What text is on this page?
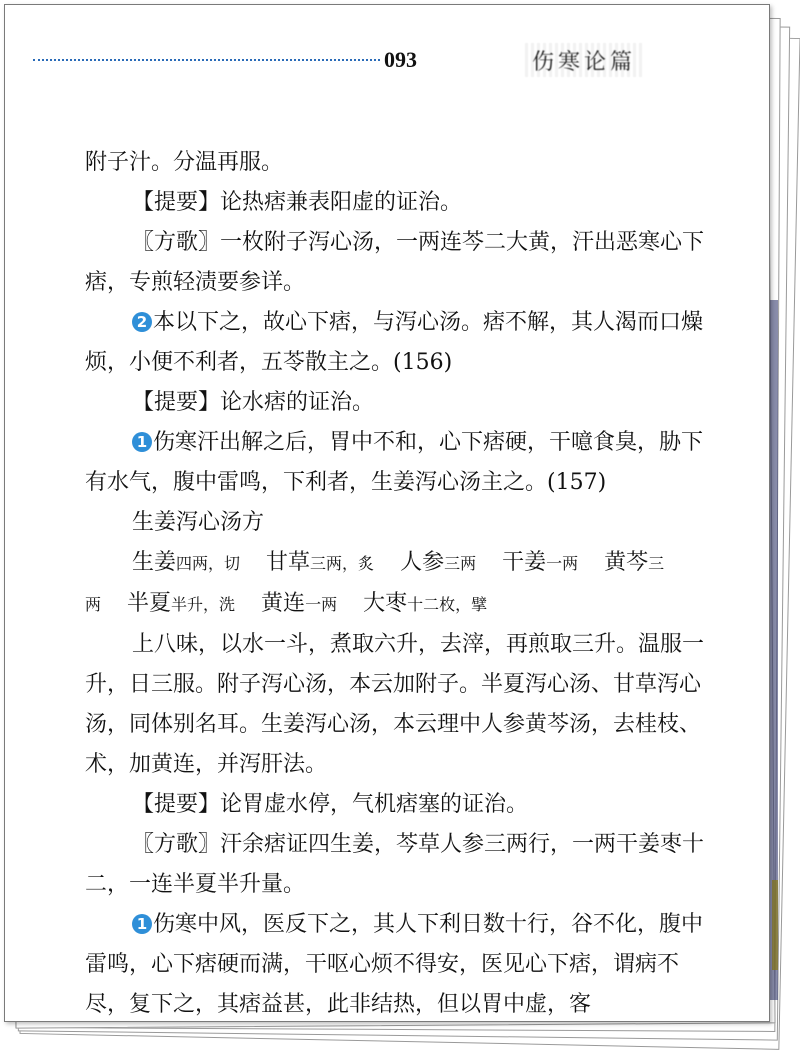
093	伤寒论篇

附子汁。分温再服。

【提要】论热痞兼表阳虚的证治。

〖方歌〗一枚附子泻心汤，一两连芩二大黄，汗出恶寒心下痞，专煎轻渍要参详。

2 本以下之，故心下痞，与泻心汤。痞不解，其人渴而口燥烦，小便不利者，五苓散主之。(156)

【提要】论水痞的证治。

1 伤寒汗出解之后，胃中不和，心下痞硬，干噫食臭，胁下有水气，腹中雷鸣，下利者，生姜泻心汤主之。(157)

生姜泻心汤方

生姜四两，切 甘草三两，炙 人参三两 干姜一两 黄芩三两 半夏半升，洗 黄连一两 大枣十二枚，擘

上八味，以水一斗，煮取六升，去滓，再煎取三升。温服一升，日三服。附子泻心汤，本云加附子。半夏泻心汤、甘草泻心汤，同体别名耳。生姜泻心汤，本云理中人参黄芩汤，去桂枝、术，加黄连，并泻肝法。

【提要】论胃虚水停，气机痞塞的证治。

〖方歌〗汗余痞证四生姜，芩草人参三两行，一两干姜枣十二，一连半夏半升量。

1 伤寒中风，医反下之，其人下利日数十行，谷不化，腹中雷鸣，心下痞硬而满，干呕心烦不得安，医见心下痞，谓病不尽，复下之，其痞益甚，此非结热，但以胃中虚，客
